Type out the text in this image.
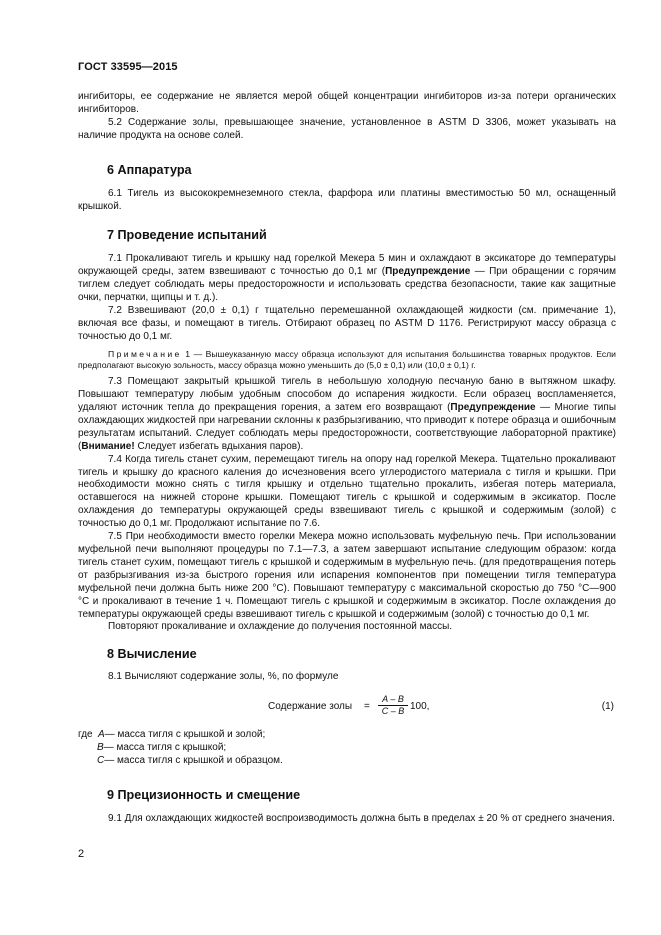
ГОСТ 33595—2015

ингибиторы, ее содержание не является мерой общей концентрации ингибиторов из-за потери органических ингибиторов.

5.2 Содержание золы, превышающее значение, установленное в ASTM D 3306, может указывать на наличие продукта на основе солей.

6 Аппаратура

6.1 Тигель из высококремнеземного стекла, фарфора или платины вместимостью 50 мл, оснащенный крышкой.

7 Проведение испытаний

7.1 Прокаливают тигель и крышку над горелкой Мекера 5 мин и охлаждают в эксикаторе до температуры окружающей среды, затем взвешивают с точностью до 0,1 мг (Предупреждение — При обращении с горячим тиглем следует соблюдать меры предосторожности и использовать средства безопасности, такие как защитные очки, перчатки, щипцы и т. д.).

7.2 Взвешивают (20,0 ± 0,1) г тщательно перемешанной охлаждающей жидкости (см. примечание 1), включая все фазы, и помещают в тигель. Отбирают образец по ASTM D 1176. Регистрируют массу образца с точностью до 0,1 мг.

Примечание 1 — Вышеуказанную массу образца используют для испытания большинства товарных продуктов. Если предполагают высокую зольность, массу образца можно уменьшить до (5,0 ± 0,1) или (10,0 ± 0,1) г.

7.3 Помещают закрытый крышкой тигель в небольшую холодную песчаную баню в вытяжном шкафу. Повышают температуру любым удобным способом до испарения жидкости. Если образец воспламеняется, удаляют источник тепла до прекращения горения, а затем его возвращают (Предупреждение — Многие типы охлаждающих жидкостей при нагревании склонны к разбрызгиванию, что приводит к потере образца и ошибочным результатам испытаний. Следует соблюдать меры предосторожности, соответствующие лабораторной практике) (Внимание! Следует избегать вдыхания паров).

7.4 Когда тигель станет сухим, перемещают тигель на опору над горелкой Мекера. Тщательно прокаливают тигель и крышку до красного каления до исчезновения всего углеродистого материала с тигля и крышки. При необходимости можно снять с тигля крышку и отдельно тщательно прокалить, избегая потерь материала, оставшегося на нижней стороне крышки. Помещают тигель с крышкой и содержимым в эксикатор. После охлаждения до температуры окружающей среды взвешивают тигель с крышкой и содержимым (золой) с точностью до 0,1 мг. Продолжают испытание по 7.6.

7.5 При необходимости вместо горелки Мекера можно использовать муфельную печь. При использовании муфельной печи выполняют процедуры по 7.1—7.3, а затем завершают испытание следующим образом: когда тигель станет сухим, помещают тигель с крышкой и содержимым в муфельную печь. (для предотвращения потерь от разбрызгивания из-за быстрого горения или испарения компонентов при помещении тигля температура муфельной печи должна быть ниже 200 °С). Повышают температуру с максимальной скоростью до 750 °С—900 °С и прокаливают в течение 1 ч. Помещают тигель с крышкой и содержимым в эксикатор. После охлаждения до температуры окружающей среды взвешивают тигель с крышкой и содержимым (золой) с точностью до 0,1 мг.

Повторяют прокаливание и охлаждение до получения постоянной массы.

8 Вычисление

8.1 Вычисляют содержание золы, %, по формуле

Содержание золы = $\frac{A - B}{C - B} 100$,	(1)
где A — масса тигля с крышкой и золой;
B — масса тигля с крышкой;
C — масса тигля с крышкой и образцом.

9 Прецизионность и смещение

9.1 Для охлаждающих жидкостей воспроизводимость должна быть в пределах ± 20 % от среднего значения.

2
